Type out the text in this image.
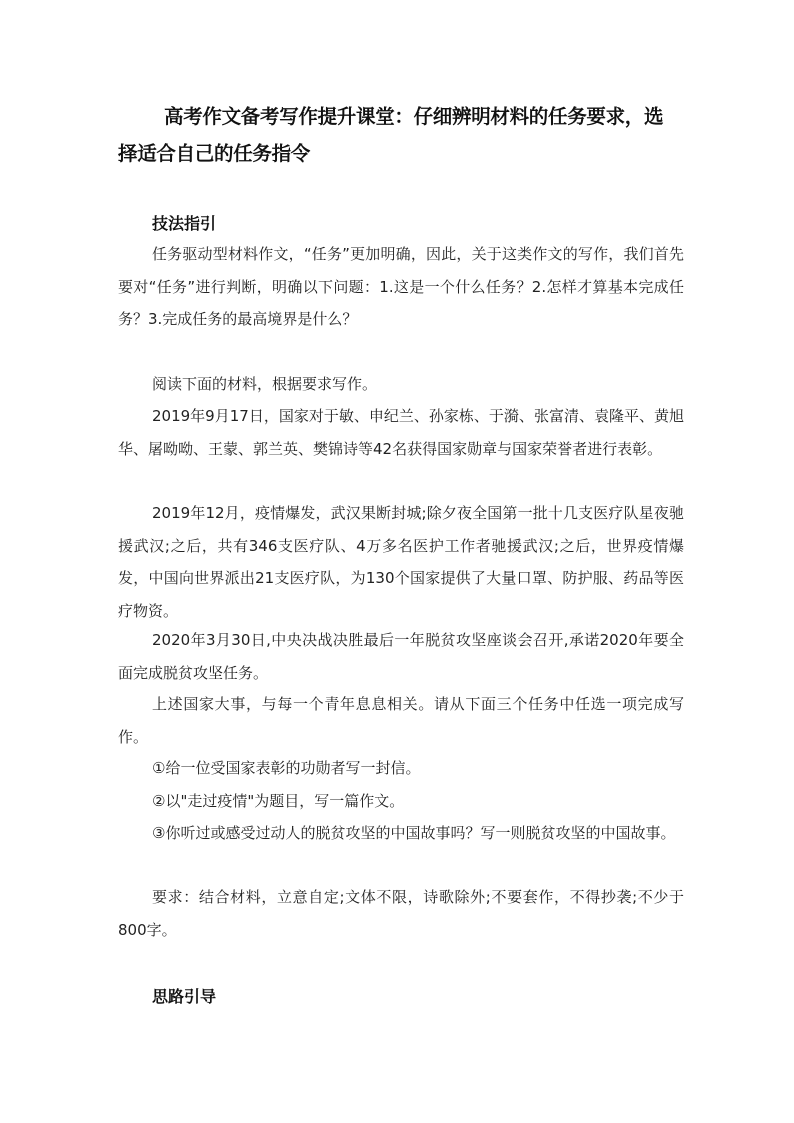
高考作文备考写作提升课堂：仔细辨明材料的任务要求，选择适合自己的任务指令
技法指引
任务驱动型材料作文，“任务”更加明确，因此，关于这类作文的写作，我们首先要对“任务”进行判断，明确以下问题：1.这是一个什么任务？2.怎样才算基本完成任务？3.完成任务的最高境界是什么？
阅读下面的材料，根据要求写作。
2019年9月17日，国家对于敏、申纪兰、孙家栋、于漪、张富清、袁隆平、黄旭华、屠呦呦、王蒙、郭兰英、樊锦诗等42名获得国家勋章与国家荣誉者进行表彰。
2019年12月，疫情爆发，武汉果断封城;除夕夜全国第一批十几支医疗队星夜驰援武汉;之后，共有346支医疗队、4万多名医护工作者驰援武汉;之后，世界疫情爆发，中国向世界派出21支医疗队，为130个国家提供了大量口罩、防护服、药品等医疗物资。
2020年3月30日,中央决战决胜最后一年脱贫攻坚座谈会召开,承诺2020年要全面完成脱贫攻坚任务。
上述国家大事，与每一个青年息息相关。请从下面三个任务中任选一项完成写作。
①给一位受国家表彰的功勋者写一封信。
②以"走过疫情"为题目，写一篇作文。
③你听过或感受过动人的脱贫攻坚的中国故事吗？写一则脱贫攻坚的中国故事。
要求：结合材料，立意自定;文体不限，诗歌除外;不要套作，不得抄袭;不少于800字。
思路引导
